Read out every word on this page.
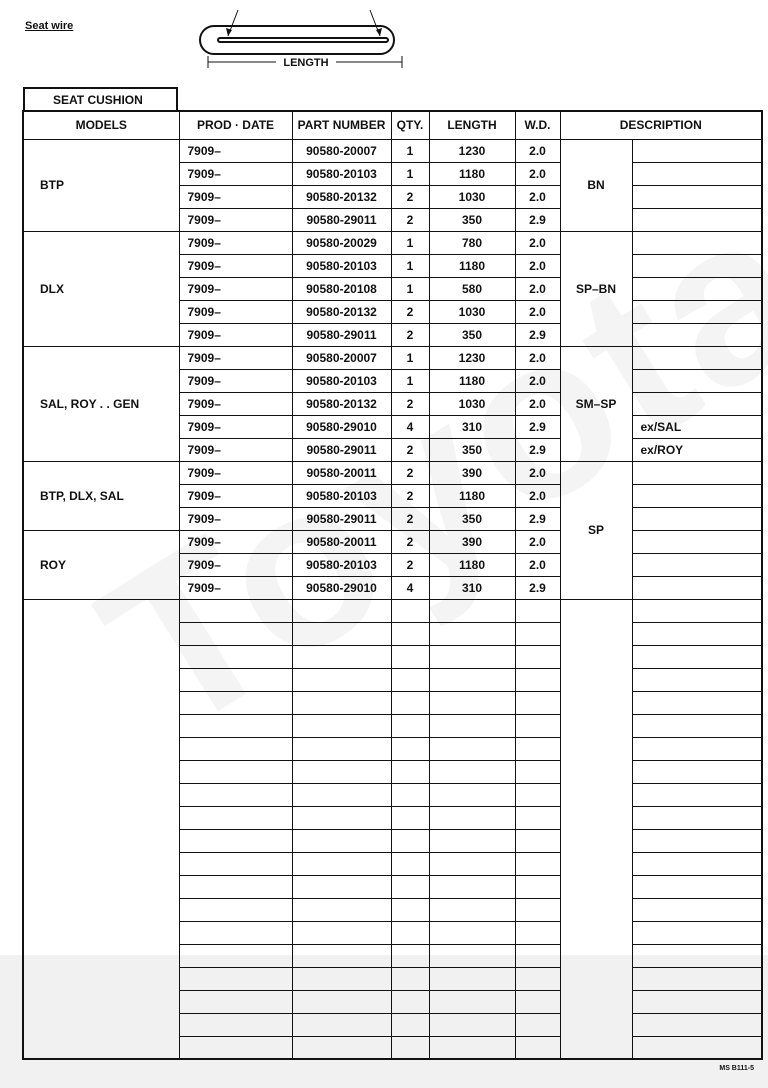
Seat wire
LENGTH
SEAT CUSHION
MODELS	PROD · DATE	PART NUMBER	QTY.	LENGTH	W.D.	DESCRIPTION	
BTP	7909–	90580-20007	1	1230	2.0	BN	
	7909–	90580-20103	1	1180	2.0		
	7909–	90580-20132	2	1030	2.0		
	7909–	90580-29011	2	350	2.9		
DLX	7909–	90580-20029	1	780	2.0	SP–BN	
	7909–	90580-20103	1	1180	2.0		
	7909–	90580-20108	1	580	2.0		
	7909–	90580-20132	2	1030	2.0		
	7909–	90580-29011	2	350	2.9		
SAL, ROY . . GEN	7909–	90580-20007	1	1230	2.0	SM–SP	
	7909–	90580-20103	1	1180	2.0		
	7909–	90580-20132	2	1030	2.0		
	7909–	90580-29010	4	310	2.9		ex/SAL
	7909–	90580-29011	2	350	2.9		ex/ROY
BTP, DLX, SAL	7909–	90580-20011	2	390	2.0	SP	
	7909–	90580-20103	2	1180	2.0		
	7909–	90580-29011	2	350	2.9		
ROY	7909–	90580-20011	2	390	2.0		
	7909–	90580-20103	2	1180	2.0		
	7909–	90580-29010	4	310	2.9		

MS B111-5
